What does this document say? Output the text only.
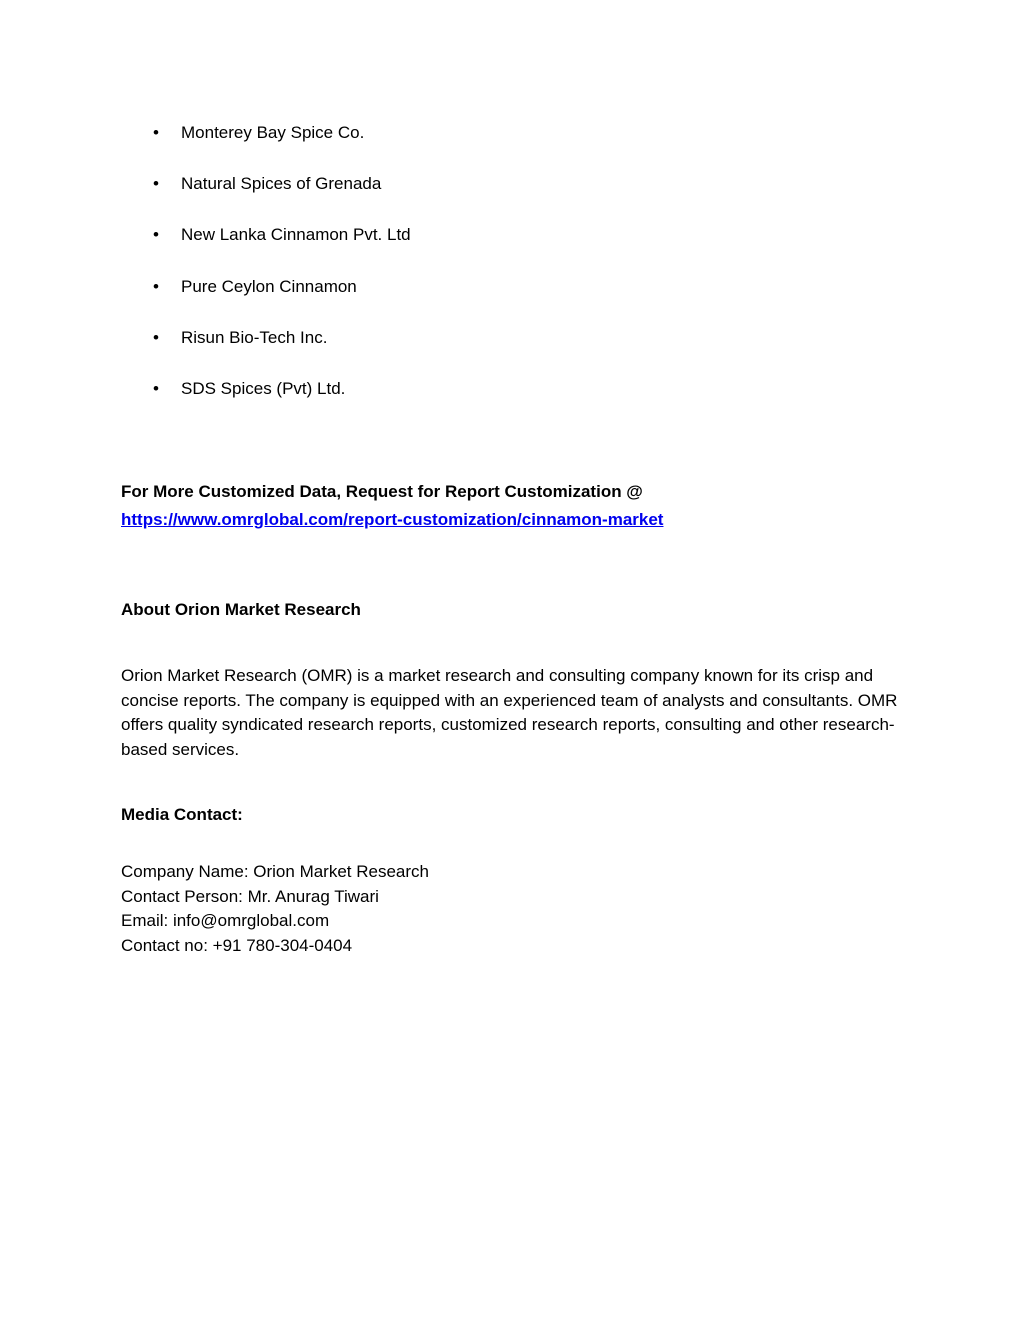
• Monterey Bay Spice Co.
• Natural Spices of Grenada
• New Lanka Cinnamon Pvt. Ltd
• Pure Ceylon Cinnamon
• Risun Bio-Tech Inc.
• SDS Spices (Pvt) Ltd.
For More Customized Data, Request for Report Customization @
https://www.omrglobal.com/report-customization/cinnamon-market
About Orion Market Research

Orion Market Research (OMR) is a market research and consulting company known for its crisp and concise reports. The company is equipped with an experienced team of analysts and consultants. OMR offers quality syndicated research reports, customized research reports, consulting and other research-based services.

Media Contact:
Company Name: Orion Market Research
Contact Person: Mr. Anurag Tiwari
Email: info@omrglobal.com
Contact no: +91 780-304-0404
